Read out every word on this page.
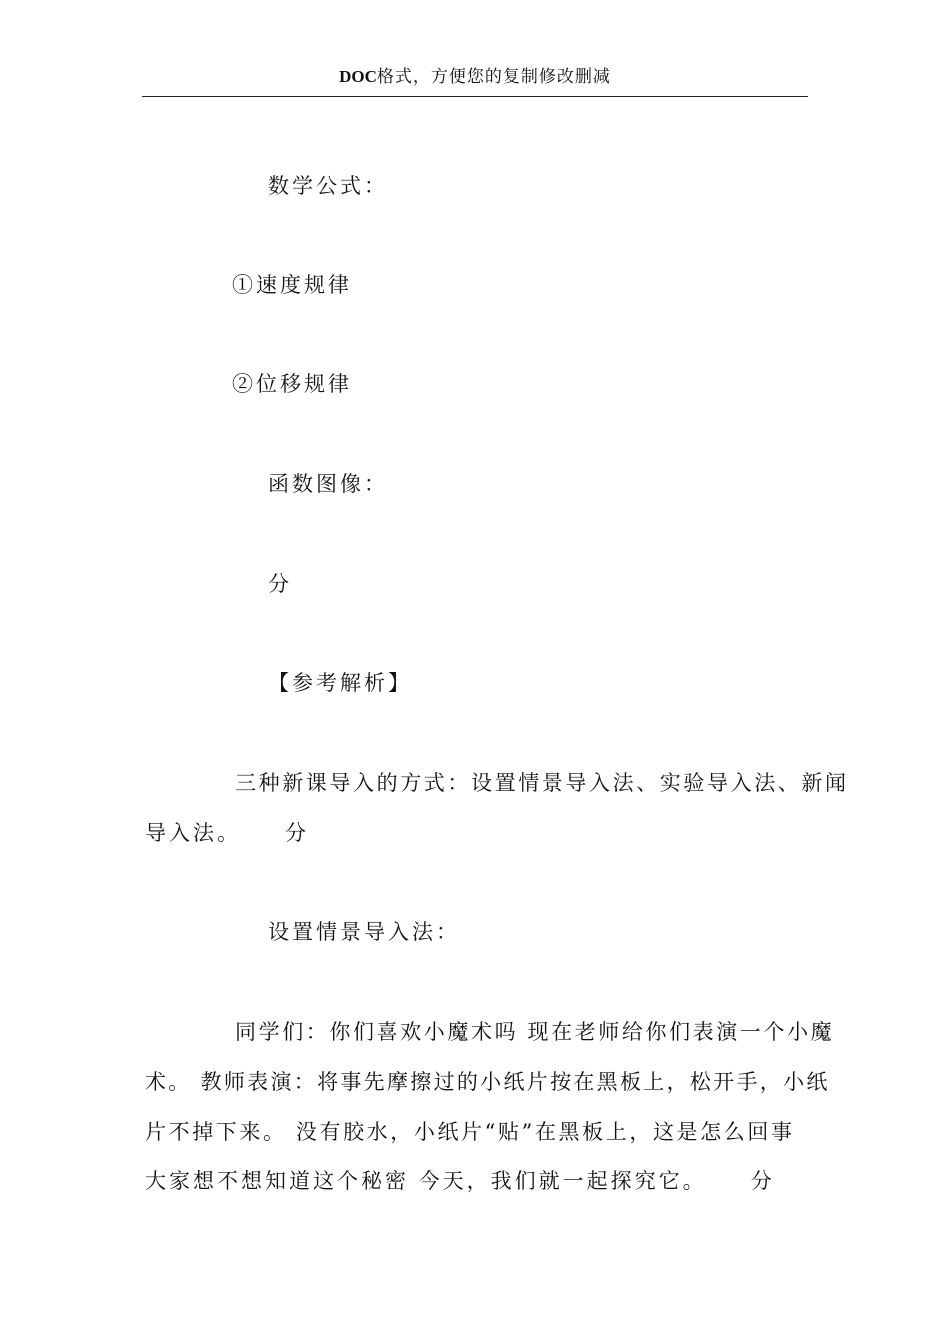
DOC格式，方便您的复制修改删减
数学公式：
①速度规律
②位移规律
函数图像：
分
【参考解析】
三种新课导入的方式：设置情景导入法、实验导入法、新闻
导入法。 分
设置情景导入法：
同学们：你们喜欢小魔术吗 现在老师给你们表演一个小魔
术。 教师表演：将事先摩擦过的小纸片按在黑板上，松开手，小纸
片不掉下来。 没有胶水，小纸片“贴”在黑板上，这是怎么回事
大家想不想知道这个秘密 今天，我们就一起探究它。 分
